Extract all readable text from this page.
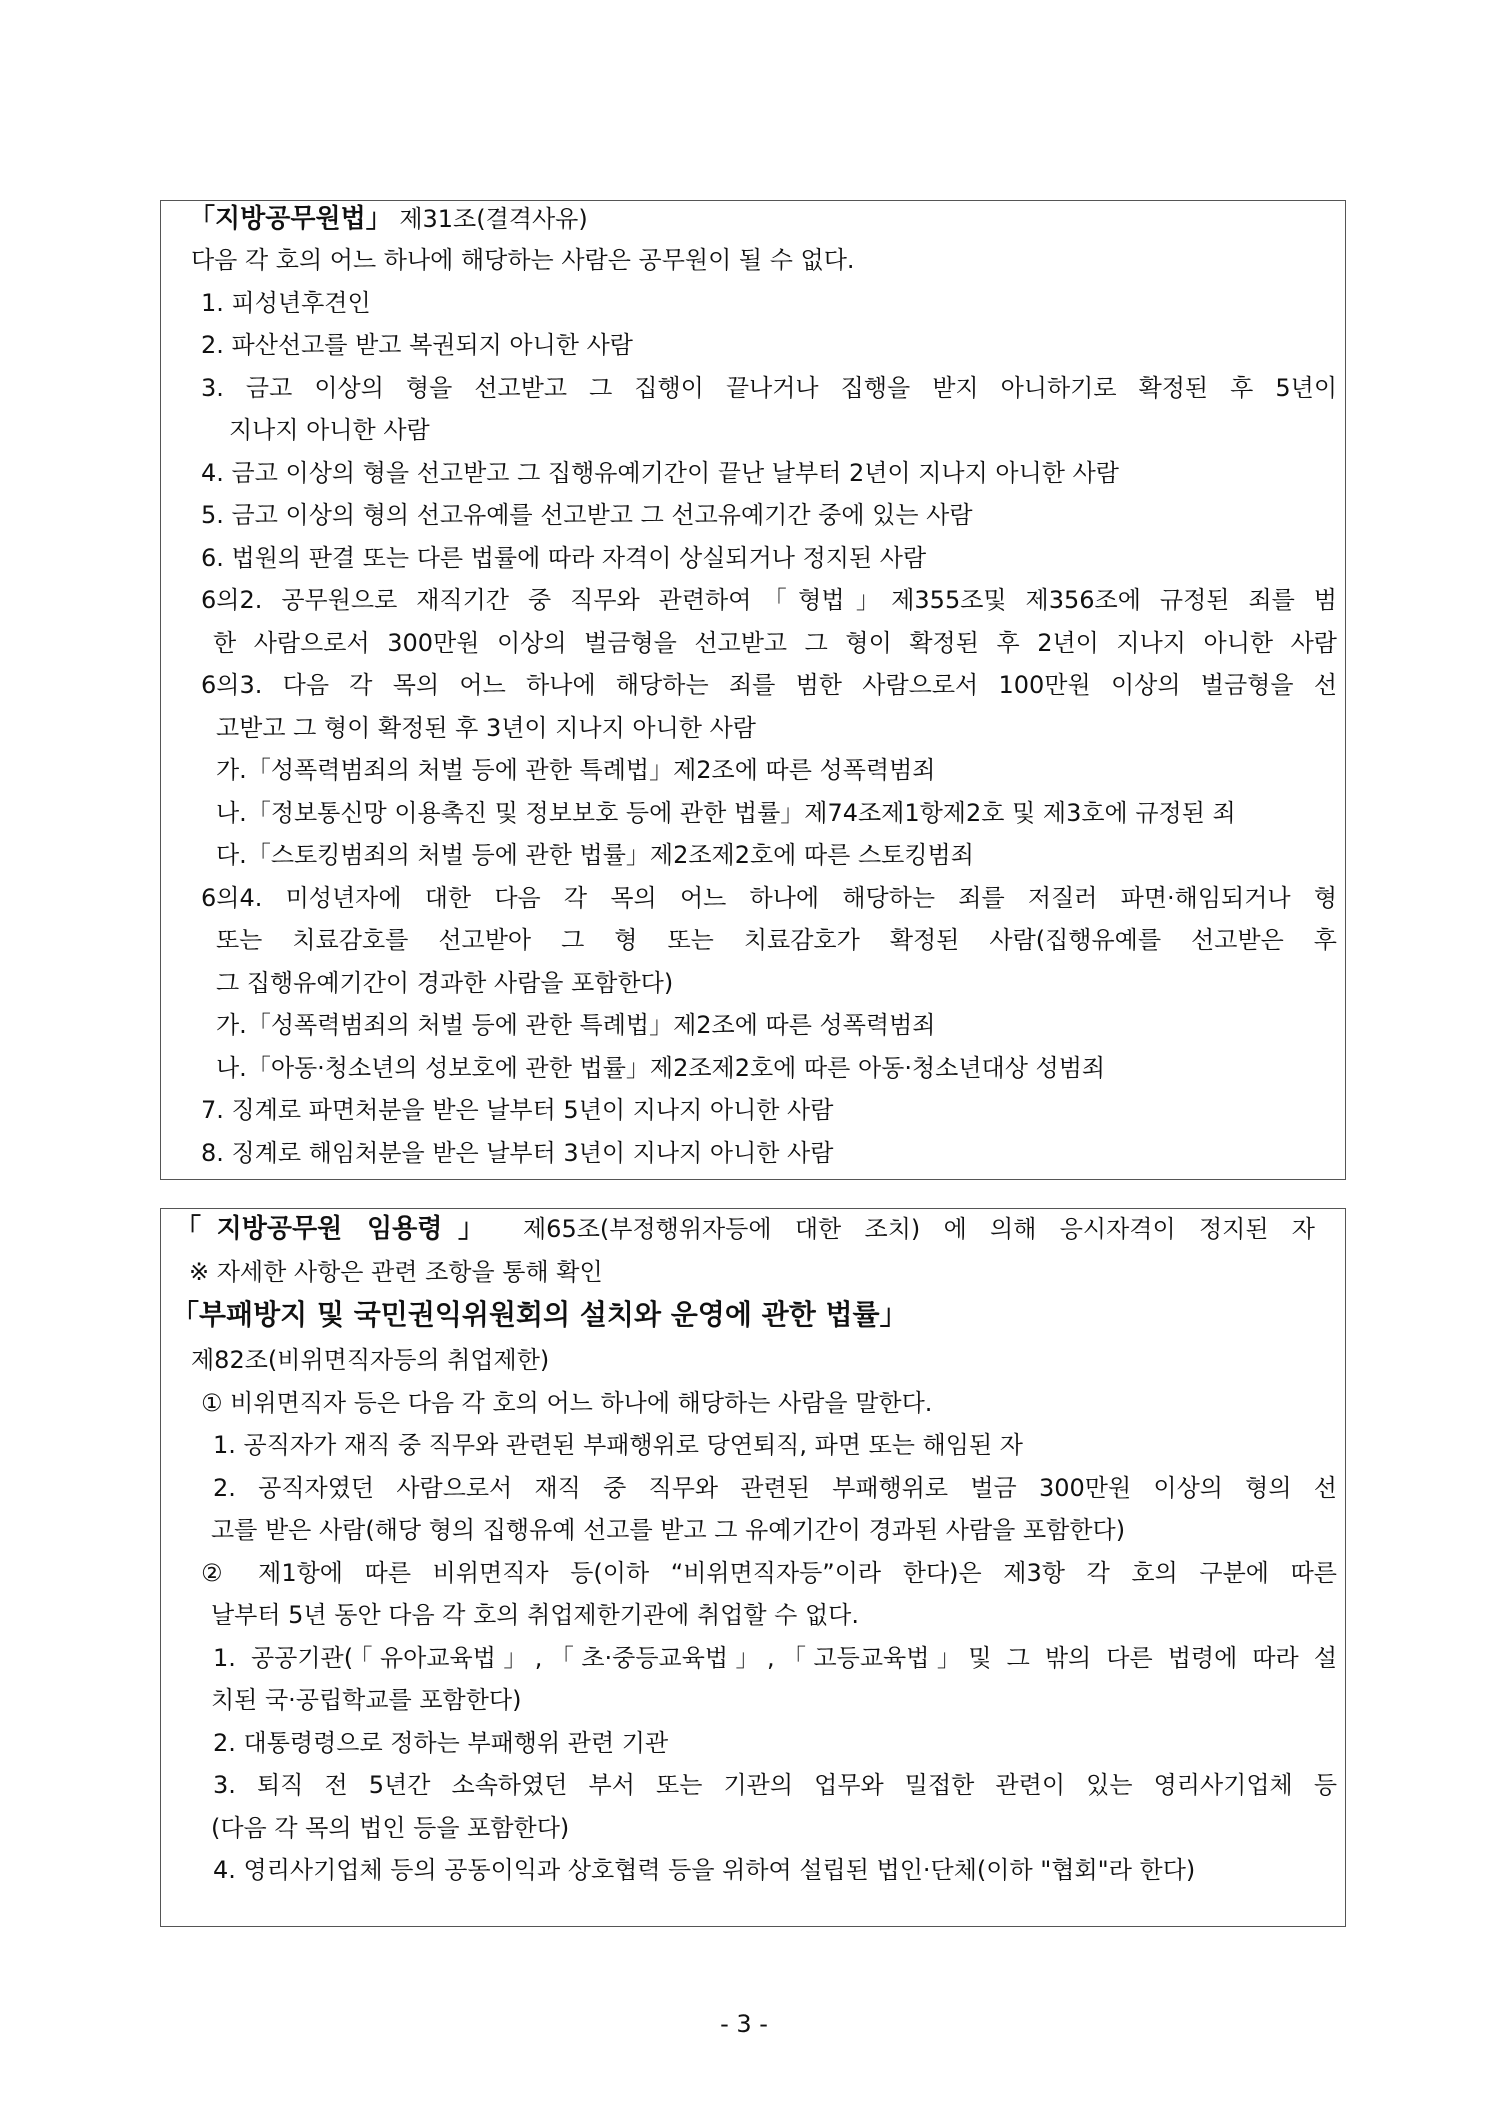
「지방공무원법」 제31조(결격사유)

다음 각 호의 어느 하나에 해당하는 사람은 공무원이 될 수 없다.

1. 피성년후견인

2. 파산선고를 받고 복권되지 아니한 사람

3. 금고 이상의 형을 선고받고 그 집행이 끝나거나 집행을 받지 아니하기로 확정된 후 5년이

지나지 아니한 사람

4. 금고 이상의 형을 선고받고 그 집행유예기간이 끝난 날부터 2년이 지나지 아니한 사람

5. 금고 이상의 형의 선고유예를 선고받고 그 선고유예기간 중에 있는 사람

6. 법원의 판결 또는 다른 법률에 따라 자격이 상실되거나 정지된 사람

6의2. 공무원으로 재직기간 중 직무와 관련하여「형법」제355조및 제356조에 규정된 죄를 범

한 사람으로서 300만원 이상의 벌금형을 선고받고 그 형이 확정된 후 2년이 지나지 아니한 사람

6의3. 다음 각 목의 어느 하나에 해당하는 죄를 범한 사람으로서 100만원 이상의 벌금형을 선

고받고 그 형이 확정된 후 3년이 지나지 아니한 사람

가.「성폭력범죄의 처벌 등에 관한 특례법」제2조에 따른 성폭력범죄

나.「정보통신망 이용촉진 및 정보보호 등에 관한 법률」제74조제1항제2호 및 제3호에 규정된 죄

다.「스토킹범죄의 처벌 등에 관한 법률」제2조제2호에 따른 스토킹범죄

6의4. 미성년자에 대한 다음 각 목의 어느 하나에 해당하는 죄를 저질러 파면·해임되거나 형

또는 치료감호를 선고받아 그 형 또는 치료감호가 확정된 사람(집행유예를 선고받은 후

그 집행유예기간이 경과한 사람을 포함한다)

가.「성폭력범죄의 처벌 등에 관한 특례법」제2조에 따른 성폭력범죄

나.「아동·청소년의 성보호에 관한 법률」제2조제2호에 따른 아동·청소년대상 성범죄

7. 징계로 파면처분을 받은 날부터 5년이 지나지 아니한 사람

8. 징계로 해임처분을 받은 날부터 3년이 지나지 아니한 사람

「지방공무원 임용령」 제65조(부정행위자등에 대한 조치) 에 의해 응시자격이 정지된 자

※ 자세한 사항은 관련 조항을 통해 확인

「부패방지 및 국민권익위원회의 설치와 운영에 관한 법률」

제82조(비위면직자등의 취업제한)

① 비위면직자 등은 다음 각 호의 어느 하나에 해당하는 사람을 말한다.

1. 공직자가 재직 중 직무와 관련된 부패행위로 당연퇴직, 파면 또는 해임된 자

2. 공직자였던 사람으로서 재직 중 직무와 관련된 부패행위로 벌금 300만원 이상의 형의 선

고를 받은 사람(해당 형의 집행유예 선고를 받고 그 유예기간이 경과된 사람을 포함한다)

② 제1항에 따른 비위면직자 등(이하 “비위면직자등”이라 한다)은 제3항 각 호의 구분에 따른

날부터 5년 동안 다음 각 호의 취업제한기관에 취업할 수 없다.

1. 공공기관(「유아교육법」,「초·중등교육법」,「고등교육법」및 그 밖의 다른 법령에 따라 설

치된 국·공립학교를 포함한다)

2. 대통령령으로 정하는 부패행위 관련 기관

3. 퇴직 전 5년간 소속하였던 부서 또는 기관의 업무와 밀접한 관련이 있는 영리사기업체 등

(다음 각 목의 법인 등을 포함한다)

4. 영리사기업체 등의 공동이익과 상호협력 등을 위하여 설립된 법인·단체(이하 "협회"라 한다)

- 3 -
